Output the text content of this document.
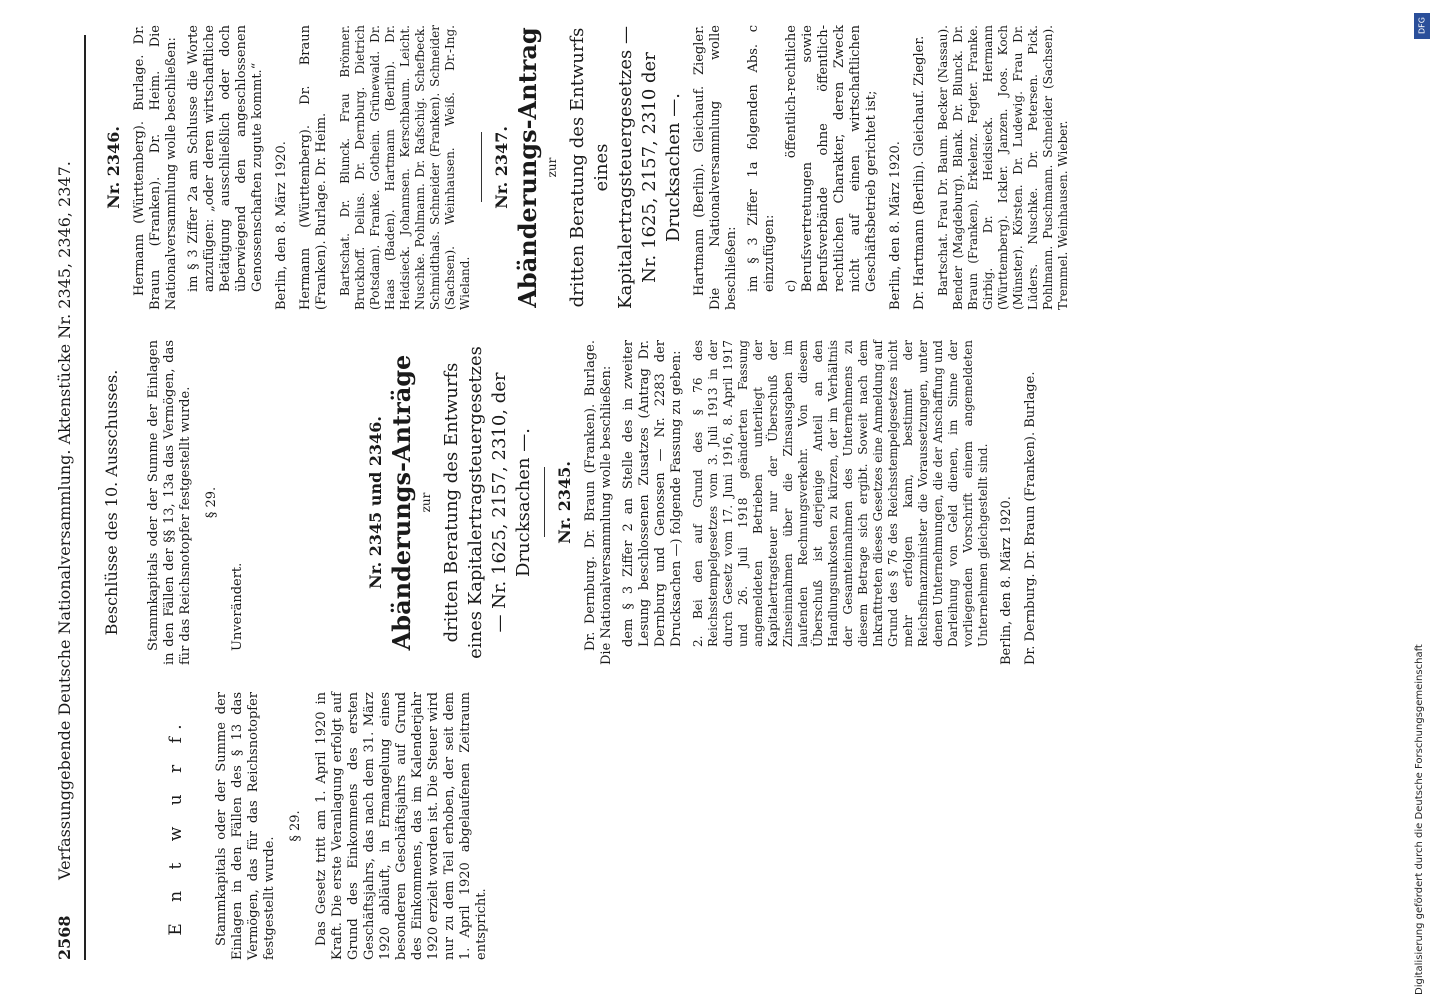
2568
Verfassunggebende Deutsche Nationalversammlung. Aktenstücke Nr. 2345, 2346, 2347.	E n t w u r f. Stammkapitals oder der Summe der Einlagen in den Fällen des § 13 das Vermögen, das für das Reichsnotopfer festgestellt wurde.
§ 29. Das Gesetz tritt am 1. April 1920 in Kraft. Die erste Veranlagung erfolgt auf Grund des Einkommens des ersten Geschäftsjahrs, das nach dem 31. März 1920 abläuft, in Ermangelung eines besonderen Geschäftsjahrs auf Grund des Einkommens, das im Kalenderjahr 1920 erzielt worden ist. Die Steuer wird nur zu dem Teil erhoben, der seit dem 1. April 1920 abgelaufenen Zeitraum entspricht.
Beschlüsse des 10. Ausschusses. Stammkapitals oder der Summe der Einlagen in den Fällen der §§ 13, 13a das Vermögen, das für das Reichsnotopfer festgestellt wurde. § 29.
Unverändert.
Nr. 2345 und 2346. Abänderungs-Anträge zur dritten Beratung des Entwurfs eines Kapitalertragsteuergesetzes — Nr. 1625, 2157, 2310, der Drucksachen —. Nr. 2345. Dr. Dernburg. Dr. Braun (Franken). Burlage. Die Nationalversammlung wolle beschließen: dem § 3 Ziffer 2 an Stelle des in zweiter Lesung beschlossenen Zusatzes (Antrag Dr. Dernburg und Genossen — Nr. 2283 der Drucksachen —) folgende Fassung zu geben: 2. Bei den auf Grund des § 76 des Reichsstempelgesetzes vom 3. Juli 1913 in der durch Gesetz vom 17. Juni 1916, 8. April 1917 und 26. Juli 1918 geänderten Fassung angemeldeten Betrieben unterliegt der Kapitalertragsteuer nur der Überschuß der Zinseinnahmen über die Zinsausgaben im laufenden Rechnungsverkehr. Von diesem Überschuß ist derjenige Anteil an den Handlungsunkosten zu kürzen, der im Verhältnis der Gesamteinnahmen des Unternehmens zu diesem Betrage sich ergibt. Soweit nach dem Inkrafttreten dieses Gesetzes eine Anmeldung auf Grund des § 76 des Reichsstempelgesetzes nicht mehr erfolgen kann, bestimmt der Reichsfinanzminister die Voraussetzungen, unter denen Unternehmungen, die der Anschaffung und Darleihung von Geld dienen, im Sinne der vorliegenden Vorschrift einem angemeldeten Unternehmen gleichgestellt sind. Berlin, den 8. März 1920. Dr. Dernburg. Dr. Braun (Franken). Burlage.
Nr. 2346. Hermann (Württemberg). Burlage. Dr. Braun (Franken). Dr. Heim. Die Nationalversammlung wolle beschließen: im § 3 Ziffer 2a am Schlusse die Worte anzufügen: „oder deren wirtschaftliche Betätigung ausschließlich oder doch überwiegend den angeschlossenen Genossenschaften zugute kommt.“ Berlin, den 8. März 1920. Hermann (Württemberg). Dr. Braun (Franken). Burlage. Dr. Heim. Bartschat. Dr. Blunck. Frau Brönner. Bruckhoff. Delius. Dr. Dernburg. Dietrich (Potsdam). Franke. Gothein. Grünewald. Dr. Haas (Baden). Hartmann (Berlin). Dr. Heidsieck. Johannsen. Kerschbaum. Leicht. Nuschke. Pohlmann. Dr. Rafschig. Schefbeck. Schmidthals. Schneider (Franken). Schneider (Sachsen). Weinhausen. Weiß. Dr.-Ing. Wieland.
Nr. 2347. Abänderungs-Antrag zur dritten Beratung des Entwurfs eines Kapitalertragsteuergesetzes — Nr. 1625, 2157, 2310 der Drucksachen —. Hartmann (Berlin). Gleichauf. Ziegler. Die Nationalversammlung wolle beschließen: im § 3 Ziffer 1a folgenden Abs. c einzufügen: c) öffentlich-rechtliche Berufsvertretungen sowie Berufsverbände ohne öffentlich-rechtlichen Charakter, deren Zweck nicht auf einen wirtschaftlichen Geschäftsbetrieb gerichtet ist; Berlin, den 8. März 1920. Dr. Hartmann (Berlin). Gleichauf. Ziegler. Bartschat. Frau Dr. Baum. Becker (Nassau). Bender (Magdeburg). Blank. Dr. Blunck. Dr. Braun (Franken). Erkelenz. Fegter. Franke. Girbig. Dr. Heidsieck. Hermann (Württemberg). Ickler. Janzen. Joos. Koch (Münster). Körsten. Dr. Ludewig. Frau Dr. Lüders. Nuschke. Dr. Petersen. Pick. Pohlmann. Puschmann. Schneider (Sachsen). Tremmel. Weinhausen. Wieber.
DFG
Digitalisierung gefördert durch die Deutsche Forschungsgemeinschaft
